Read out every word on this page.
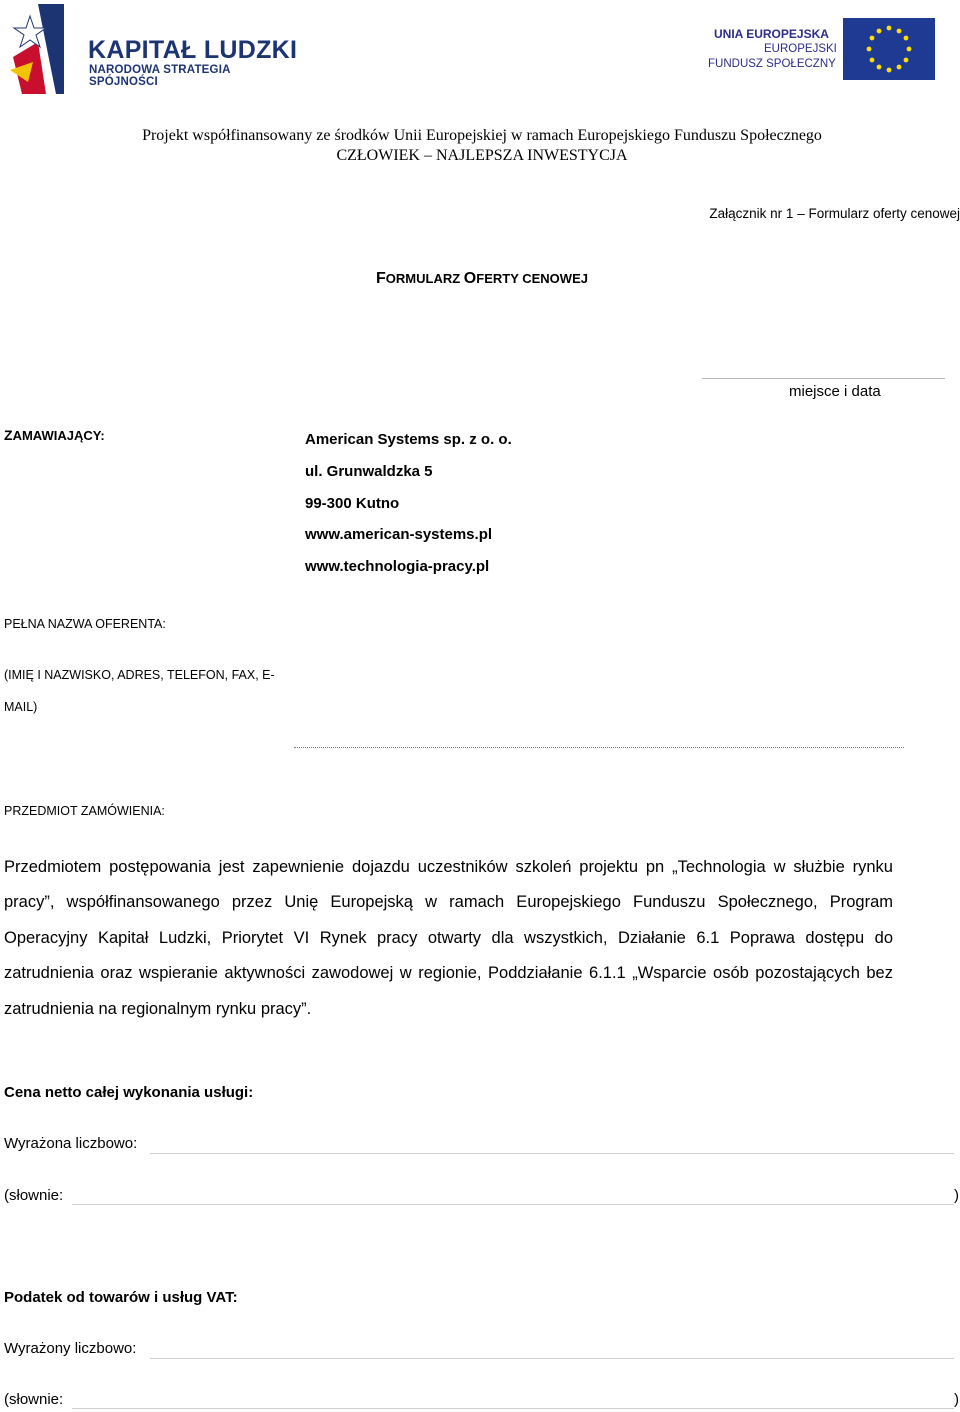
KAPITAŁ LUDZKI
NARODOWA STRATEGIA SPÓJNOŚCI
UNIA EUROPEJSKA
EUROPEJSKI
FUNDUSZ SPOŁECZNY
Projekt współfinansowany ze środków Unii Europejskiej w ramach Europejskiego Funduszu Społecznego
CZŁOWIEK – NAJLEPSZA INWESTYCJA
Załącznik nr 1 – Formularz oferty cenowej
FORMULARZ OFERTY CENOWEJ
miejsce i data
ZAMAWIAJĄCY:	American Systems sp. z o. o.
ul. Grunwaldzka 5
99-300 Kutno
www.american-systems.pl
www.technologia-pracy.pl
PEŁNA NAZWA OFERENTA:
(IMIĘ I NAZWISKO, ADRES, TELEFON, FAX, E-
MAIL)
PRZEDMIOT ZAMÓWIENIA:
Przedmiotem postępowania jest zapewnienie dojazdu uczestników szkoleń projektu pn „Technologia w służbie rynku pracy”, współfinansowanego przez Unię Europejską w ramach Europejskiego Funduszu Społecznego, Program Operacyjny Kapitał Ludzki, Priorytet VI Rynek pracy otwarty dla wszystkich, Działanie 6.1 Poprawa dostępu do zatrudnienia oraz wspieranie aktywności zawodowej w regionie, Poddziałanie 6.1.1 „Wsparcie osób pozostających bez zatrudnienia na regionalnym rynku pracy”.
Cena netto całej wykonania usługi:
Wyrażona liczbowo:
(słownie:	)
Podatek od towarów i usług VAT:
Wyrażony liczbowo:
(słownie:	)
